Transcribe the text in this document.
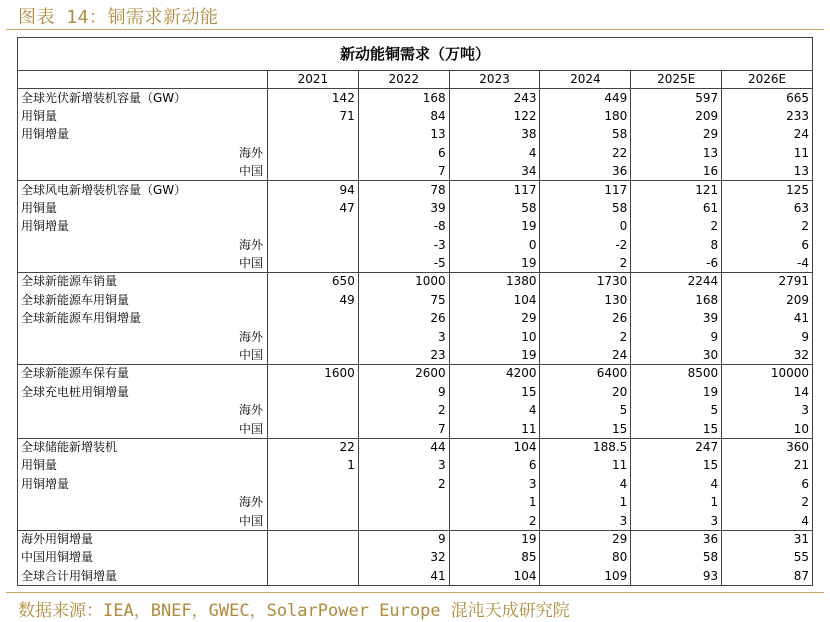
图表 14：铜需求新动能
新动能铜需求（万吨）						
	2021	2022	2023	2024	2025E	2026E
全球光伏新增装机容量（GW）	142	168	243	449	597	665
用铜量	71	84	122	180	209	233
用铜增量		13	38	58	29	24
海外		6	4	22	13	11
中国		7	34	36	16	13
全球风电新增装机容量（GW）	94	78	117	117	121	125
用铜量	47	39	58	58	61	63
用铜增量		-8	19	0	2	2
海外		-3	0	-2	8	6
中国		-5	19	2	-6	-4
全球新能源车销量	650	1000	1380	1730	2244	2791
全球新能源车用铜量	49	75	104	130	168	209
全球新能源车用铜增量		26	29	26	39	41
海外		3	10	2	9	9
中国		23	19	24	30	32
全球新能源车保有量	1600	2600	4200	6400	8500	10000
全球充电桩用铜增量		9	15	20	19	14
海外		2	4	5	5	3
中国		7	11	15	15	10
全球储能新增装机	22	44	104	188.5	247	360
用铜量	1	3	6	11	15	21
用铜增量		2	3	4	4	6
海外			1	1	1	2
中国			2	3	3	4
海外用铜增量		9	19	29	36	31
中国用铜增量		32	85	80	58	55
全球合计用铜增量		41	104	109	93	87
数据来源：IEA，BNEF，GWEC，SolarPower Europe 混沌天成研究院
